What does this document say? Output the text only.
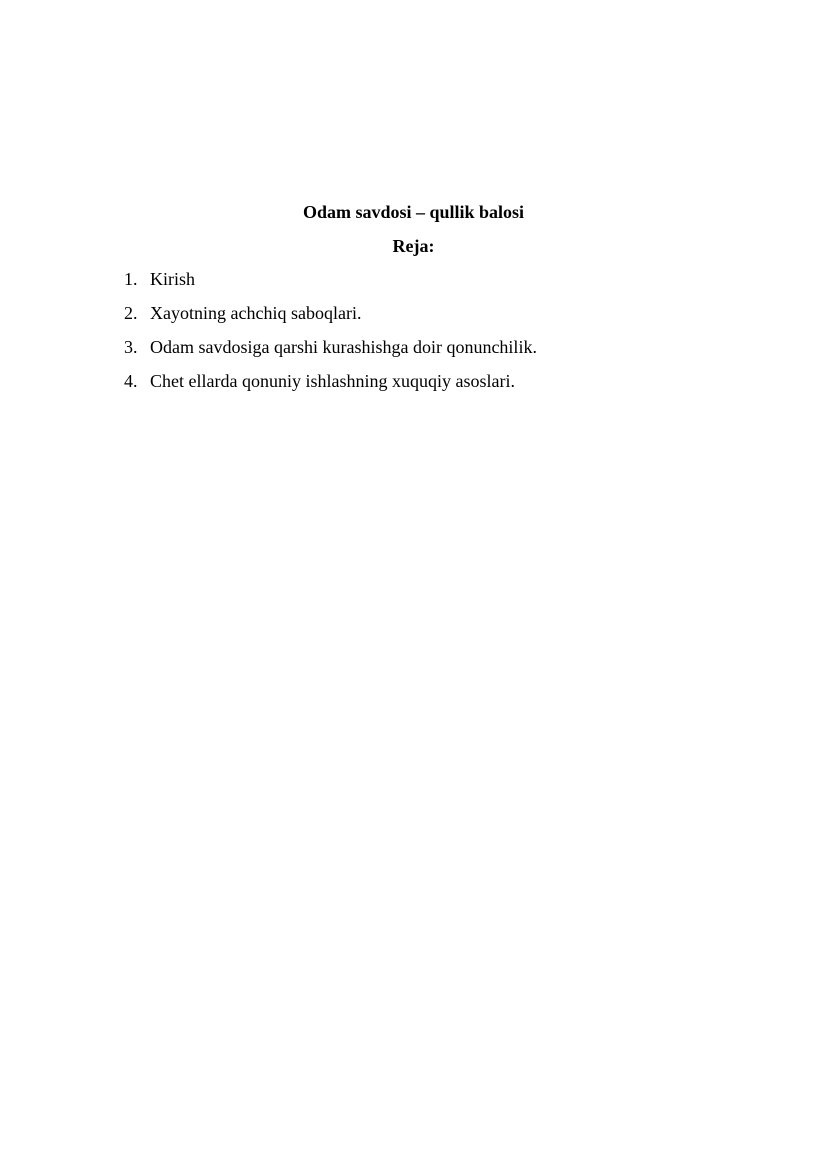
Odam savdosi – qullik balosi
Reja:
1. Kirish
2. Xayotning achchiq saboqlari.
3. Odam savdosiga qarshi kurashishga doir qonunchilik.
4. Chet ellarda qonuniy ishlashning xuquqiy asoslari.
